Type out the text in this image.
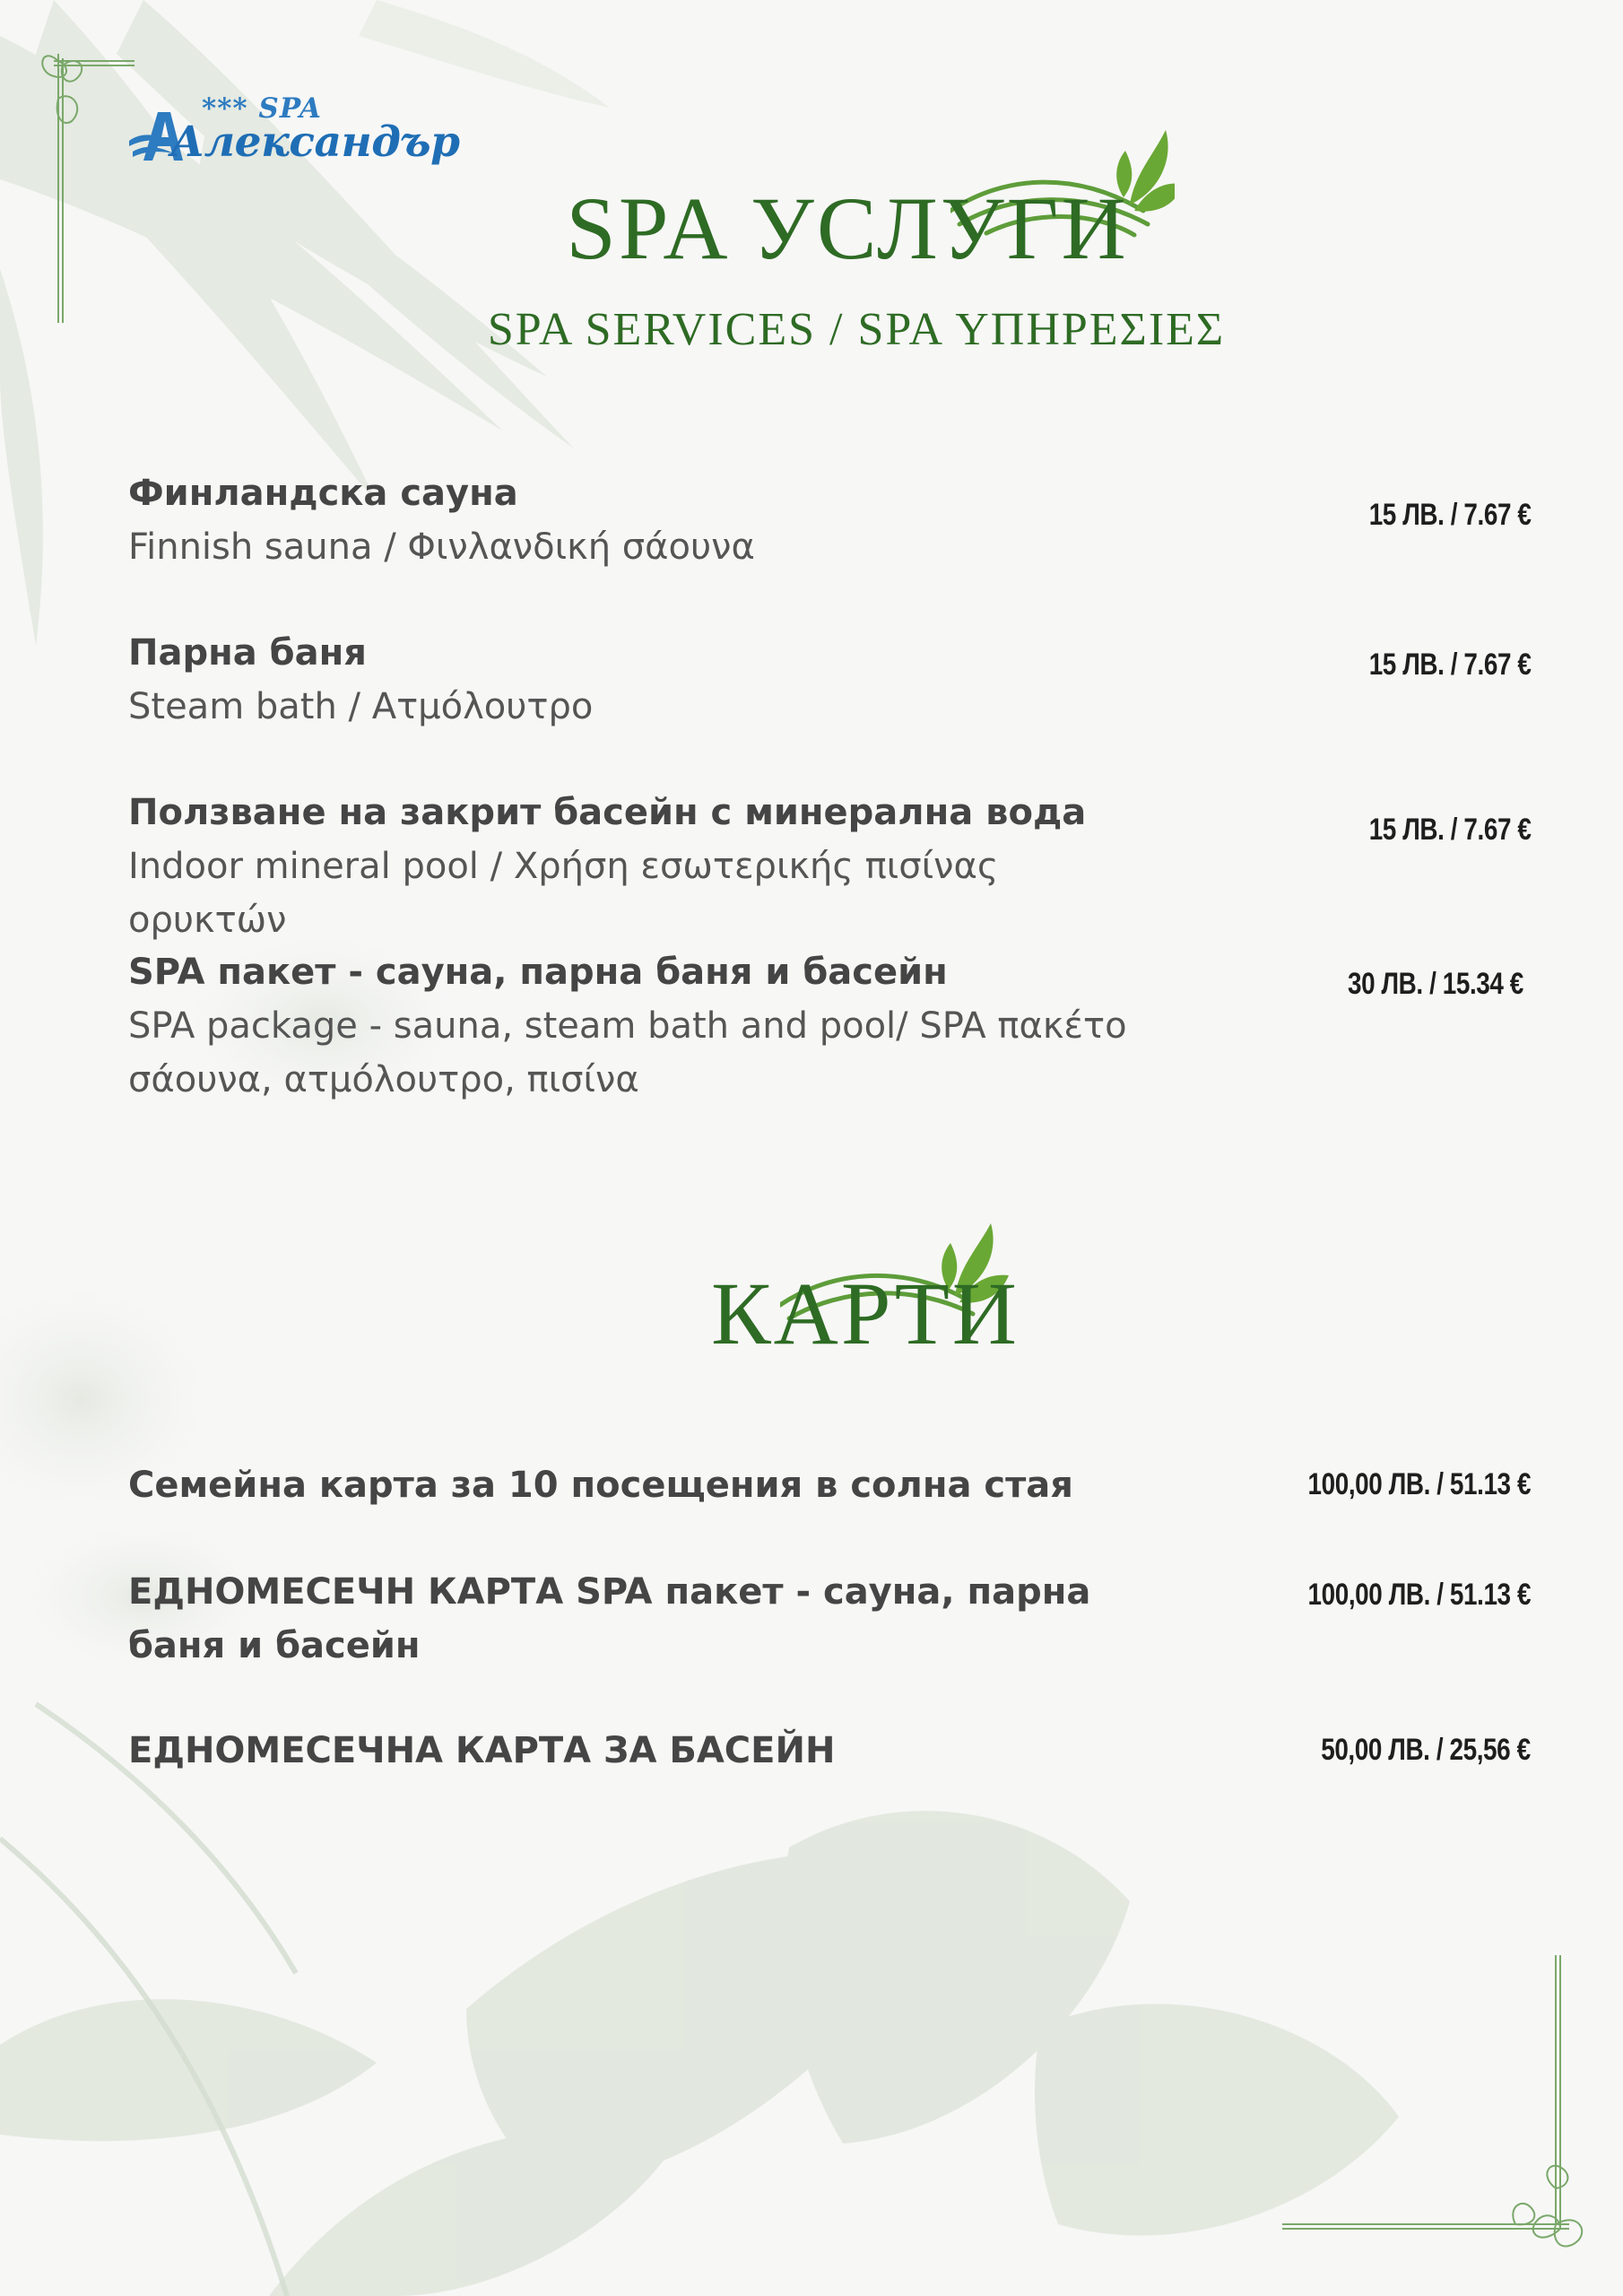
*** SPA
Александър
SPA УСЛУГИ
SPA SERVICES / SPA ΥΠΗΡΕΣΙΕΣ
Финландска сауна
Finnish sauna / Φινλανδική σάουνα
15 ЛВ. / 7.67 €
Парна баня
Steam bath / Ατμόλουτρο
15 ЛВ. / 7.67 €
Ползване на закрит басейн с минерална вода
Indoor mineral pool / Χρήση εσωτερικής πισίνας ορυκτών
15 ЛВ. / 7.67 €
SPA пакет - сауна, парна баня и басейн
SPA package - sauna, steam bath and pool/ SPA πακέτο σάουνα, ατμόλουτρο, πισίνα
30 ЛВ. / 15.34 €
КАРТИ
Семейна карта за 10 посещения в солна стая	100,00 ЛВ. / 51.13 €
ЕДНОМЕСЕЧН КАРТА SPA пакет - сауна, парна баня и басейн
100,00 ЛВ. / 51.13 €
ЕДНОМЕСЕЧНА КАРТА ЗА БАСЕЙН	50,00 ЛВ. / 25,56 €
